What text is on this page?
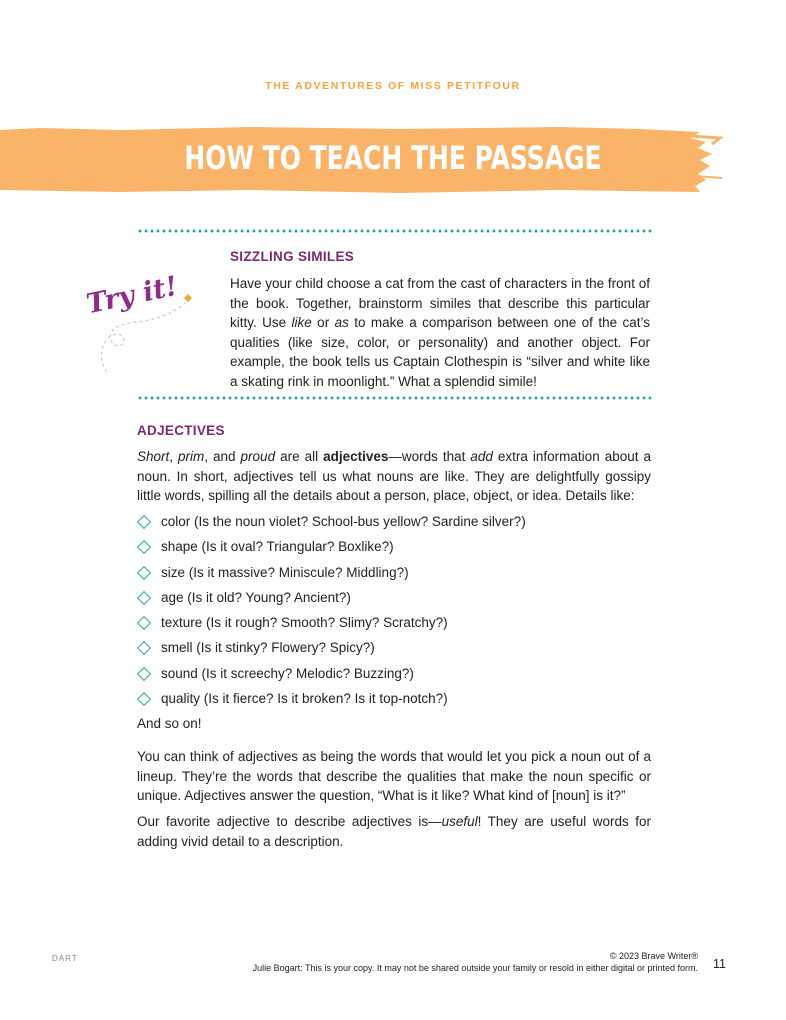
THE ADVENTURES OF MISS PETITFOUR
HOW TO TEACH THE PASSAGE
Try it!
SIZZLING SIMILES
Have your child choose a cat from the cast of characters in the front of the book. Together, brainstorm similes that describe this particular kitty. Use like or as to make a comparison between one of the cat’s qualities (like size, color, or personality) and another object. For example, the book tells us Captain Clothespin is “silver and white like a skating rink in moonlight.” What a splendid simile!
ADJECTIVES
Short, prim, and proud are all adjectives—words that add extra information about a noun. In short, adjectives tell us what nouns are like. They are delightfully gossipy little words, spilling all the details about a person, place, object, or idea. Details like:
color (Is the noun violet? School-bus yellow? Sardine silver?)
shape (Is it oval? Triangular? Boxlike?)
size (Is it massive? Miniscule? Middling?)
age (Is it old? Young? Ancient?)
texture (Is it rough? Smooth? Slimy? Scratchy?)
smell (Is it stinky? Flowery? Spicy?)
sound (Is it screechy? Melodic? Buzzing?)
quality (Is it fierce? Is it broken? Is it top-notch?)
And so on!
You can think of adjectives as being the words that would let you pick a noun out of a lineup. They’re the words that describe the qualities that make the noun specific or unique. Adjectives answer the question, “What is it like? What kind of [noun] is it?”
Our favorite adjective to describe adjectives is—useful! They are useful words for adding vivid detail to a description.
DART	© 2023 Brave Writer®
Julie Bogart: This is your copy. It may not be shared outside your family or resold in either digital or printed form. 11
